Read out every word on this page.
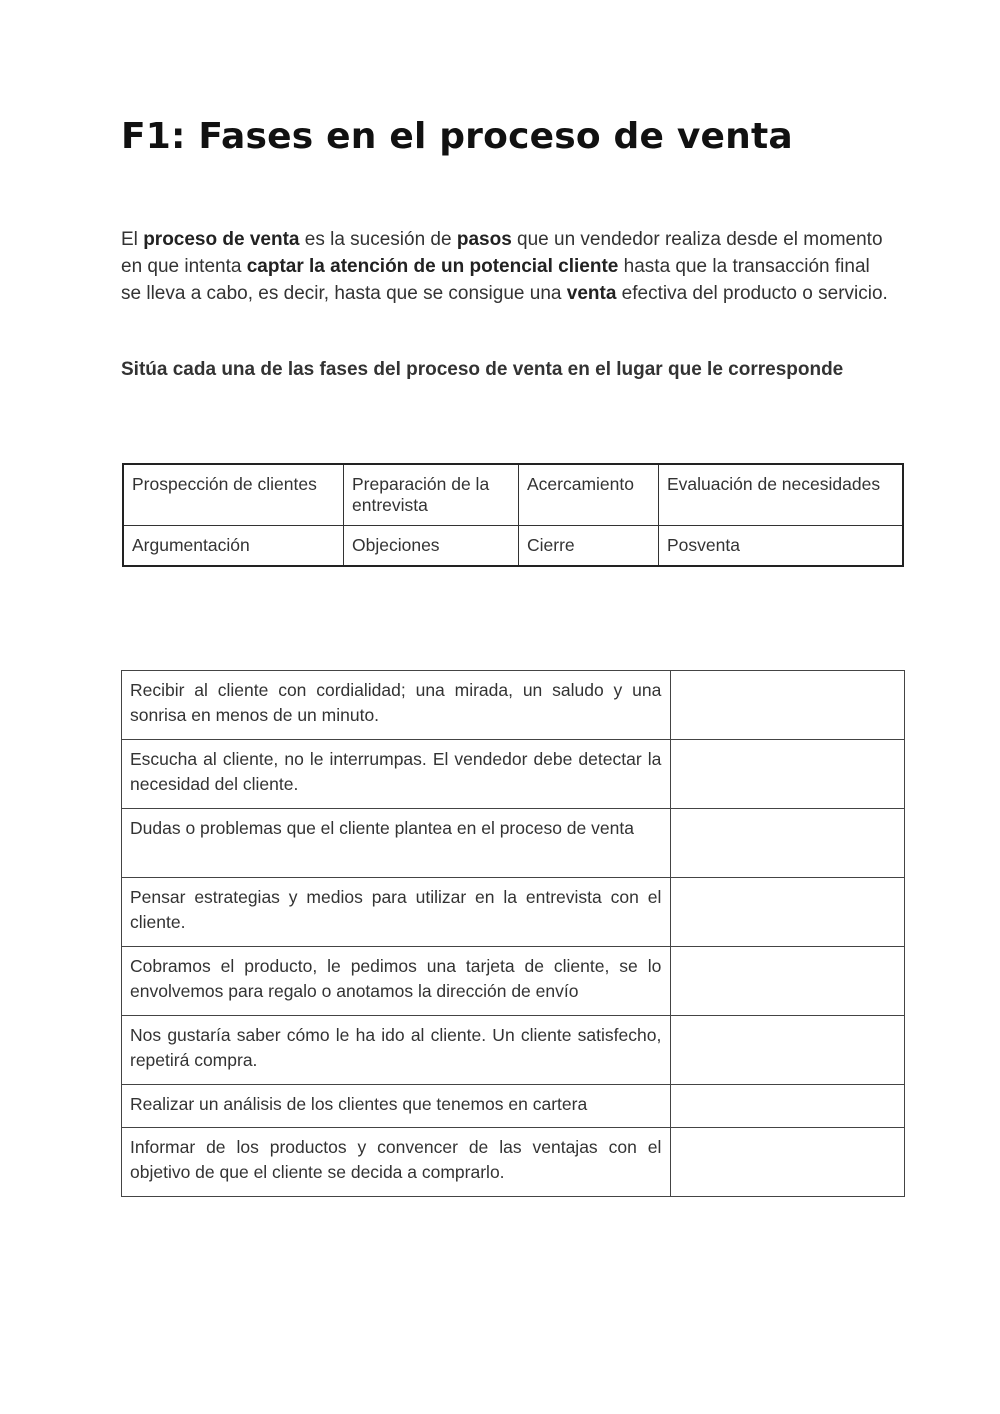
F1: Fases en el proceso de venta

El proceso de venta es la sucesión de pasos que un vendedor realiza desde el momento en que intenta captar la atención de un potencial cliente hasta que la transacción final se lleva a cabo, es decir, hasta que se consigue una venta efectiva del producto o servicio.

Sitúa cada una de las fases del proceso de venta en el lugar que le corresponde

Prospección de clientes	Preparación de la entrevista	Acercamiento	Evaluación de necesidades
Argumentación	Objeciones	Cierre	Posventa
Recibir al cliente con cordialidad; una mirada, un saludo y una sonrisa en menos de un minuto.	
Escucha al cliente, no le interrumpas. El vendedor debe detectar la necesidad del cliente.	
Dudas o problemas que el cliente plantea en el proceso de venta	
Pensar estrategias y medios para utilizar en la entrevista con el cliente.	
Cobramos el producto, le pedimos una tarjeta de cliente, se lo envolvemos para regalo o anotamos la dirección de envío	
Nos gustaría saber cómo le ha ido al cliente. Un cliente satisfecho, repetirá compra.	
Realizar un análisis de los clientes que tenemos en cartera	
Informar de los productos y convencer de las ventajas con el objetivo de que el cliente se decida a comprarlo.	
